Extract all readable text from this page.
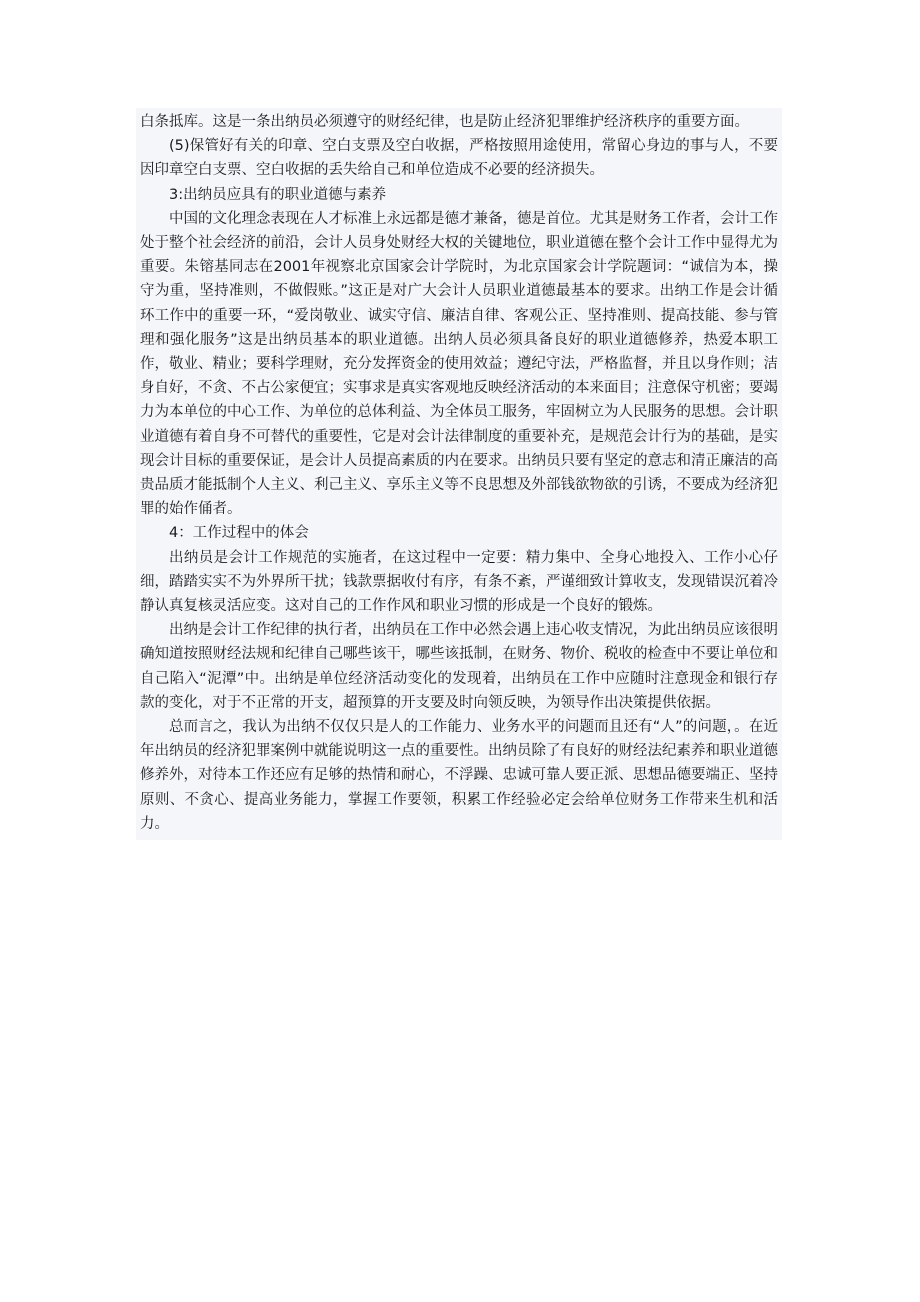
白条抵库。这是一条出纳员必须遵守的财经纪律，也是防止经济犯罪维护经济秩序的重要方面。

(5)保管好有关的印章、空白支票及空白收据，严格按照用途使用，常留心身边的事与人，不要因印章空白支票、空白收据的丢失给自己和单位造成不必要的经济损失。

3:出纳员应具有的职业道德与素养

中国的文化理念表现在人才标准上永远都是德才兼备，德是首位。尤其是财务工作者，会计工作处于整个社会经济的前沿，会计人员身处财经大权的关键地位，职业道德在整个会计工作中显得尤为重要。朱镕基同志在2001年视察北京国家会计学院时，为北京国家会计学院题词：“诚信为本，操守为重，坚持准则，不做假账。”这正是对广大会计人员职业道德最基本的要求。出纳工作是会计循环工作中的重要一环，“爱岗敬业、诚实守信、廉洁自律、客观公正、坚持准则、提高技能、参与管理和强化服务”这是出纳员基本的职业道德。出纳人员必须具备良好的职业道德修养，热爱本职工作，敬业、精业；要科学理财，充分发挥资金的使用效益；遵纪守法，严格监督，并且以身作则；洁身自好，不贪、不占公家便宜；实事求是真实客观地反映经济活动的本来面目；注意保守机密；要竭力为本单位的中心工作、为单位的总体利益、为全体员工服务，牢固树立为人民服务的思想。会计职业道德有着自身不可替代的重要性，它是对会计法律制度的重要补充，是规范会计行为的基础，是实现会计目标的重要保证，是会计人员提高素质的内在要求。出纳员只要有坚定的意志和清正廉洁的高贵品质才能抵制个人主义、利己主义、享乐主义等不良思想及外部钱欲物欲的引诱，不要成为经济犯罪的始作俑者。

4：工作过程中的体会

出纳员是会计工作规范的实施者，在这过程中一定要：精力集中、全身心地投入、工作小心仔细，踏踏实实不为外界所干扰；钱款票据收付有序，有条不紊，严谨细致计算收支，发现错误沉着冷静认真复核灵活应变。这对自己的工作作风和职业习惯的形成是一个良好的锻炼。

出纳是会计工作纪律的执行者，出纳员在工作中必然会遇上违心收支情况，为此出纳员应该很明确知道按照财经法规和纪律自己哪些该干，哪些该抵制，在财务、物价、税收的检查中不要让单位和自己陷入“泥潭”中。出纳是单位经济活动变化的发现着，出纳员在工作中应随时注意现金和银行存款的变化，对于不正常的开支，超预算的开支要及时向领反映，为领导作出决策提供依据。

总而言之，我认为出纳不仅仅只是人的工作能力、业务水平的问题而且还有“人”的问题，。在近年出纳员的经济犯罪案例中就能说明这一点的重要性。出纳员除了有良好的财经法纪素养和职业道德修养外，对待本工作还应有足够的热情和耐心，不浮躁、忠诚可靠人要正派、思想品德要端正、坚持原则、不贪心、提高业务能力，掌握工作要领，积累工作经验必定会给单位财务工作带来生机和活力。
